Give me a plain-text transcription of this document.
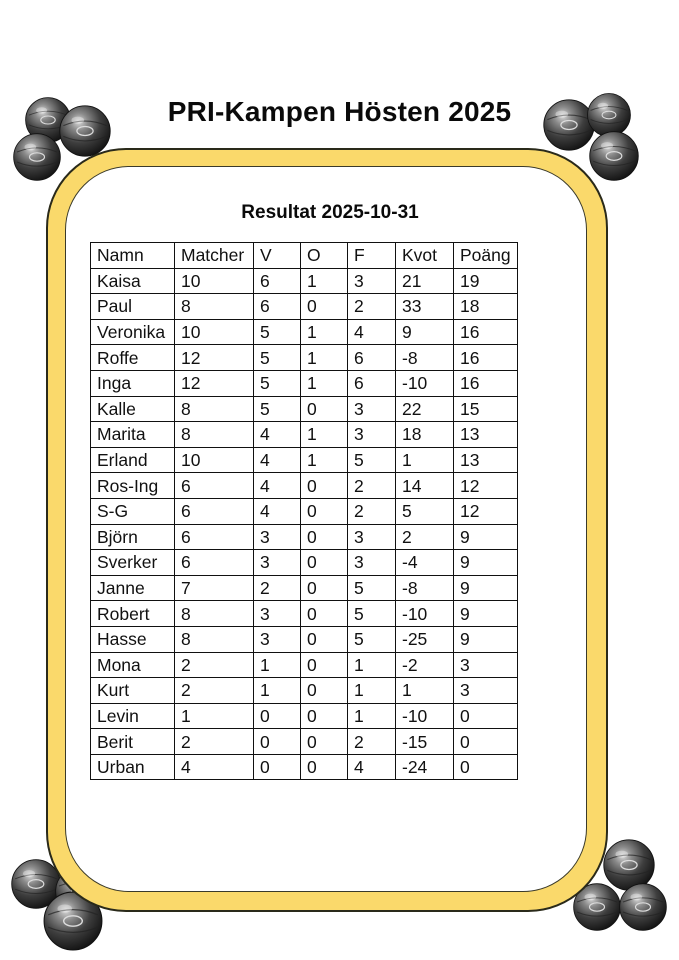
PRI-Kampen Hösten 2025
Resultat 2025-10-31
Namn	Matcher	V	O	F	Kvot	Poäng
Kaisa	10	6	1	3	21	19
Paul	8	6	0	2	33	18
Veronika	10	5	1	4	9	16
Roffe	12	5	1	6	-8	16
Inga	12	5	1	6	-10	16
Kalle	8	5	0	3	22	15
Marita	8	4	1	3	18	13
Erland	10	4	1	5	1	13
Ros-Ing	6	4	0	2	14	12
S-G	6	4	0	2	5	12
Björn	6	3	0	3	2	9
Sverker	6	3	0	3	-4	9
Janne	7	2	0	5	-8	9
Robert	8	3	0	5	-10	9
Hasse	8	3	0	5	-25	9
Mona	2	1	0	1	-2	3
Kurt	2	1	0	1	1	3
Levin	1	0	0	1	-10	0
Berit	2	0	0	2	-15	0
Urban	4	0	0	4	-24	0
